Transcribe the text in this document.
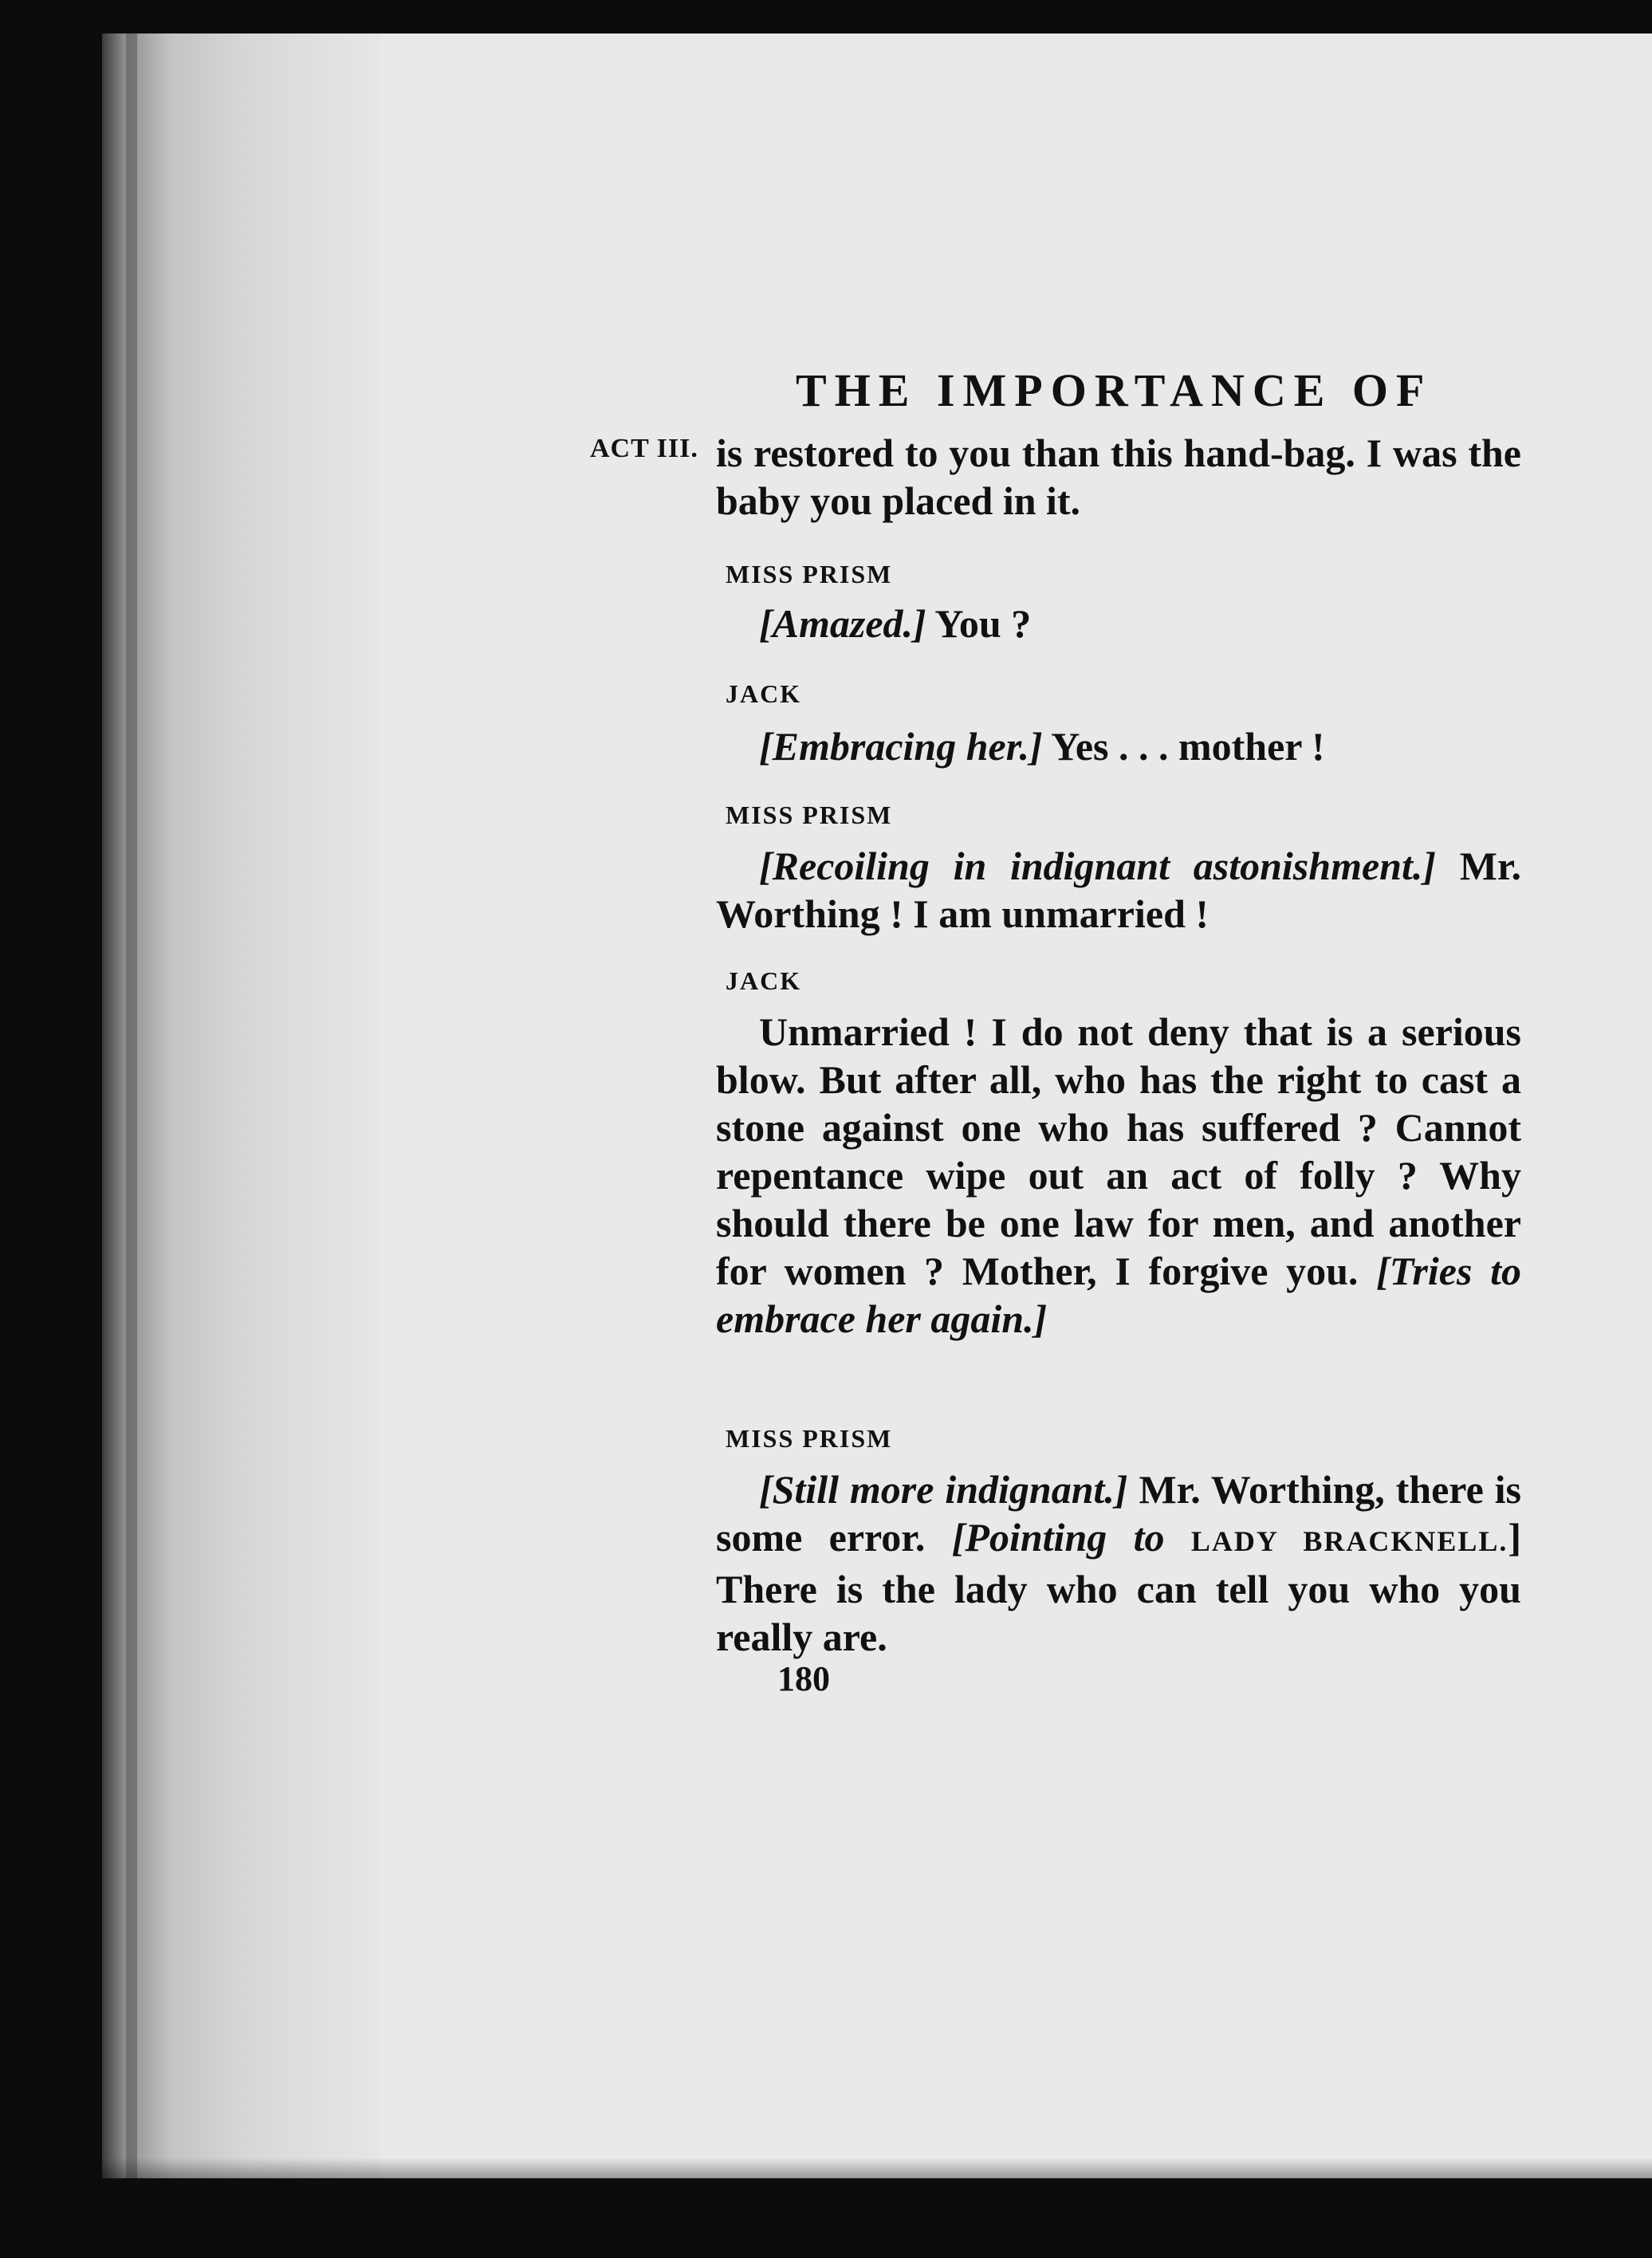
THE IMPORTANCE OF
ACT III. is restored to you than this hand-bag. I was the baby you placed in it.
MISS PRISM
[Amazed.] You ?
JACK
[Embracing her.] Yes . . . mother !
MISS PRISM
[Recoiling in indignant astonishment.] Mr. Worthing ! I am unmarried !
JACK
Unmarried ! I do not deny that is a serious blow. But after all, who has the right to cast a stone against one who has suffered ? Cannot repentance wipe out an act of folly ? Why should there be one law for men, and another for women ? Mother, I forgive you. [Tries to embrace her again.]
MISS PRISM
[Still more indignant.] Mr. Worthing, there is some error. [Pointing to LADY BRACKNELL.] There is the lady who can tell you who you really are.
180
